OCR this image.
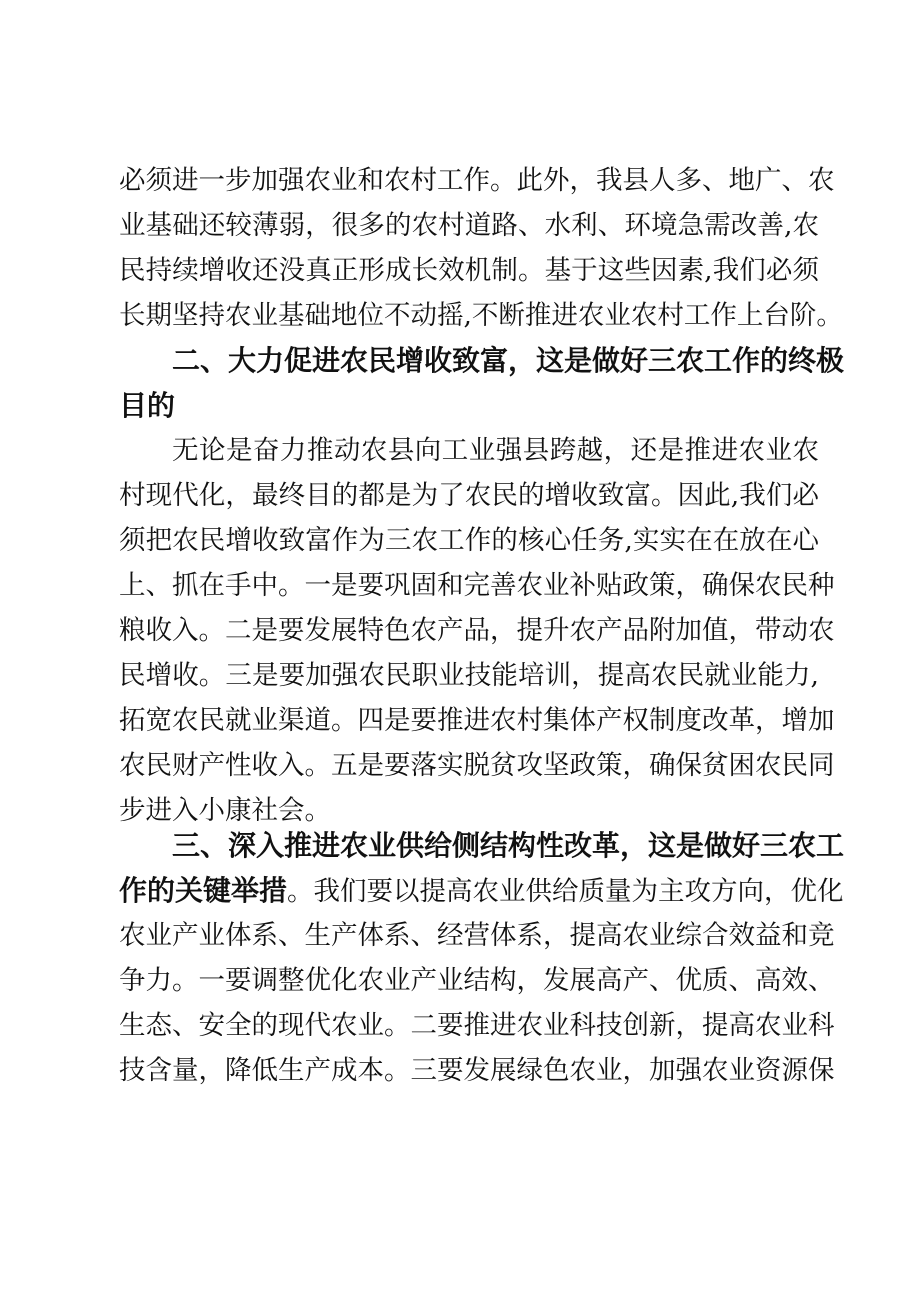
必须进一步加强农业和农村工作。此外，我县人多、地广、农
业基础还较薄弱，很多的农村道路、水利、环境急需改善,农
民持续增收还没真正形成长效机制。基于这些因素,我们必须
长期坚持农业基础地位不动摇,不断推进农业农村工作上台阶。
二、大力促进农民增收致富，这是做好三农工作的终极
目的
无论是奋力推动农县向工业强县跨越，还是推进农业农
村现代化，最终目的都是为了农民的增收致富。因此,我们必
须把农民增收致富作为三农工作的核心任务,实实在在放在心
上、抓在手中。一是要巩固和完善农业补贴政策，确保农民种
粮收入。二是要发展特色农产品，提升农产品附加值，带动农
民增收。三是要加强农民职业技能培训，提高农民就业能力,
拓宽农民就业渠道。四是要推进农村集体产权制度改革，增加
农民财产性收入。五是要落实脱贫攻坚政策，确保贫困农民同
步进入小康社会。
三、深入推进农业供给侧结构性改革，这是做好三农工
作的关键举措。我们要以提高农业供给质量为主攻方向，优化
农业产业体系、生产体系、经营体系，提高农业综合效益和竞
争力。一要调整优化农业产业结构，发展高产、优质、高效、
生态、安全的现代农业。二要推进农业科技创新，提高农业科
技含量，降低生产成本。三要发展绿色农业，加强农业资源保
